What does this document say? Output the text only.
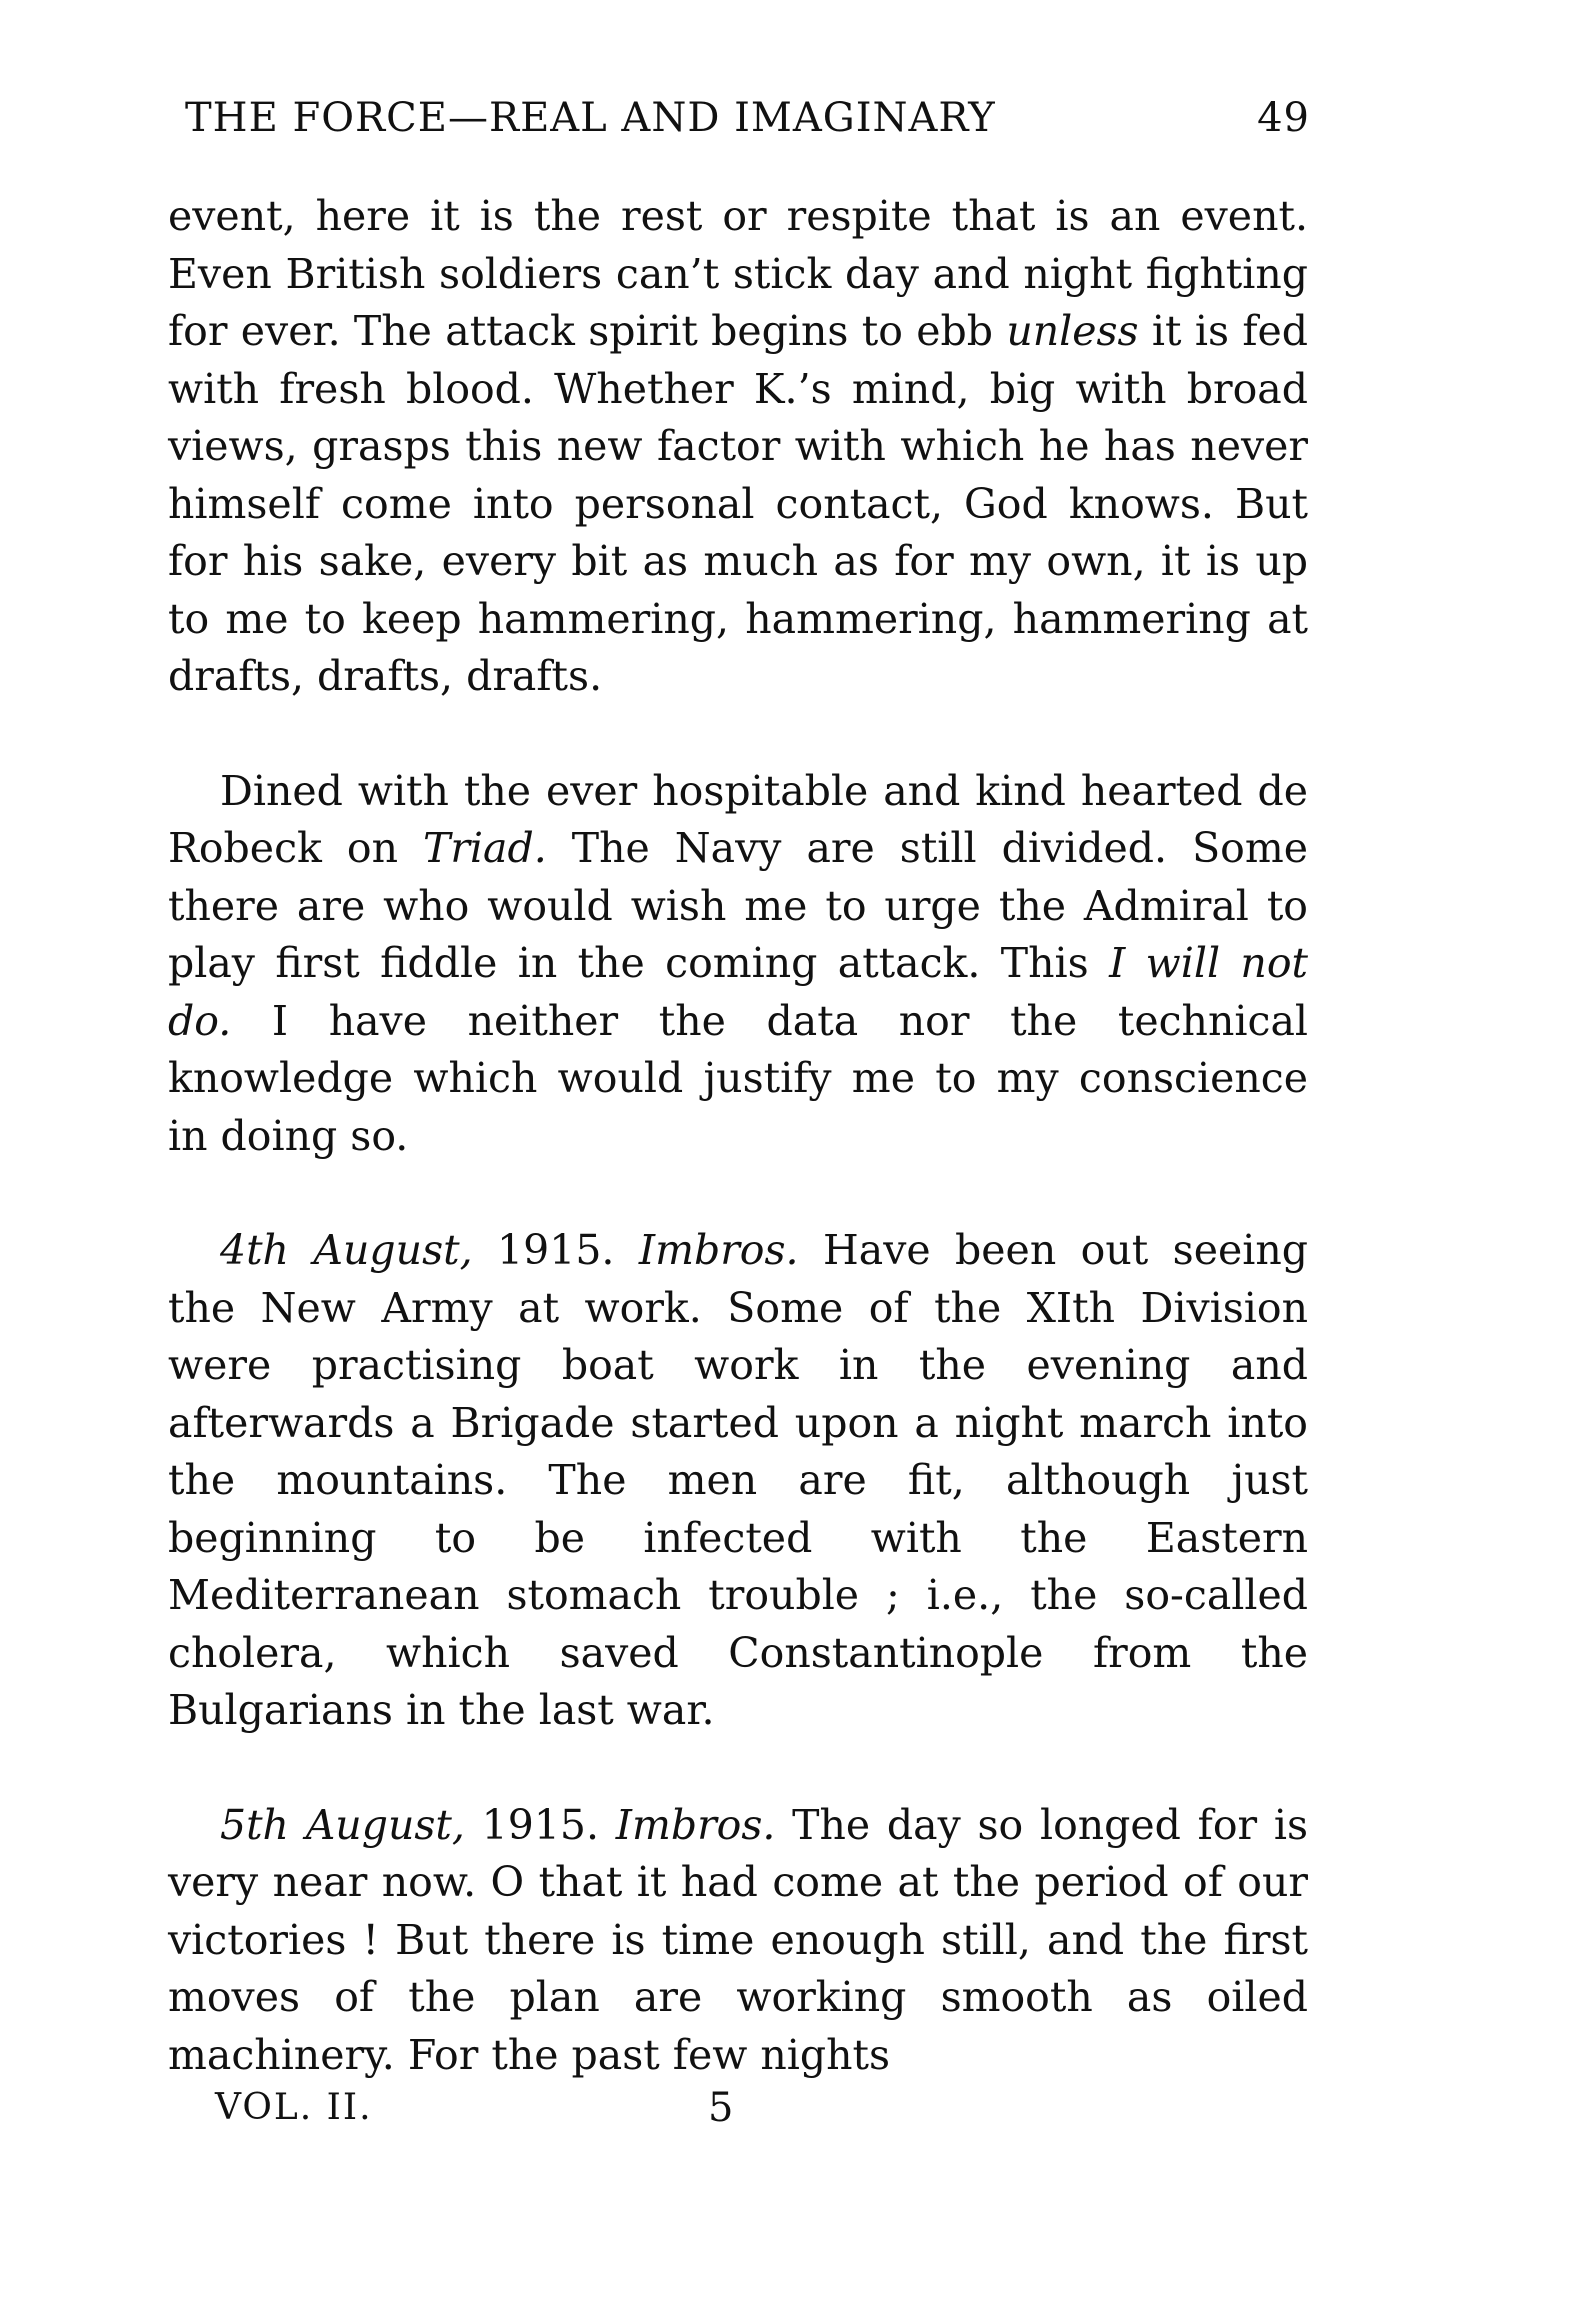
THE FORCE—REAL AND IMAGINARY	49

event, here it is the rest or respite that is an event. Even British soldiers can’t stick day and night fighting for ever. The attack spirit begins to ebb unless it is fed with fresh blood. Whether K.’s mind, big with broad views, grasps this new factor with which he has never himself come into personal contact, God knows. But for his sake, every bit as much as for my own, it is up to me to keep hammering, hammering, hammering at drafts, drafts, drafts.

Dined with the ever hospitable and kind hearted de Robeck on Triad. The Navy are still divided. Some there are who would wish me to urge the Admiral to play first fiddle in the coming attack. This I will not do. I have neither the data nor the technical knowledge which would justify me to my conscience in doing so.

4th August, 1915. Imbros. Have been out seeing the New Army at work. Some of the XIth Division were practising boat work in the evening and afterwards a Brigade started upon a night march into the mountains. The men are fit, although just beginning to be infected with the Eastern Mediterranean stomach trouble ; i.e., the so-called cholera, which saved Constantinople from the Bulgarians in the last war.

5th August, 1915. Imbros. The day so longed for is very near now. O that it had come at the period of our victories ! But there is time enough still, and the first moves of the plan are working smooth as oiled machinery. For the past few nights

VOL. II.	5
